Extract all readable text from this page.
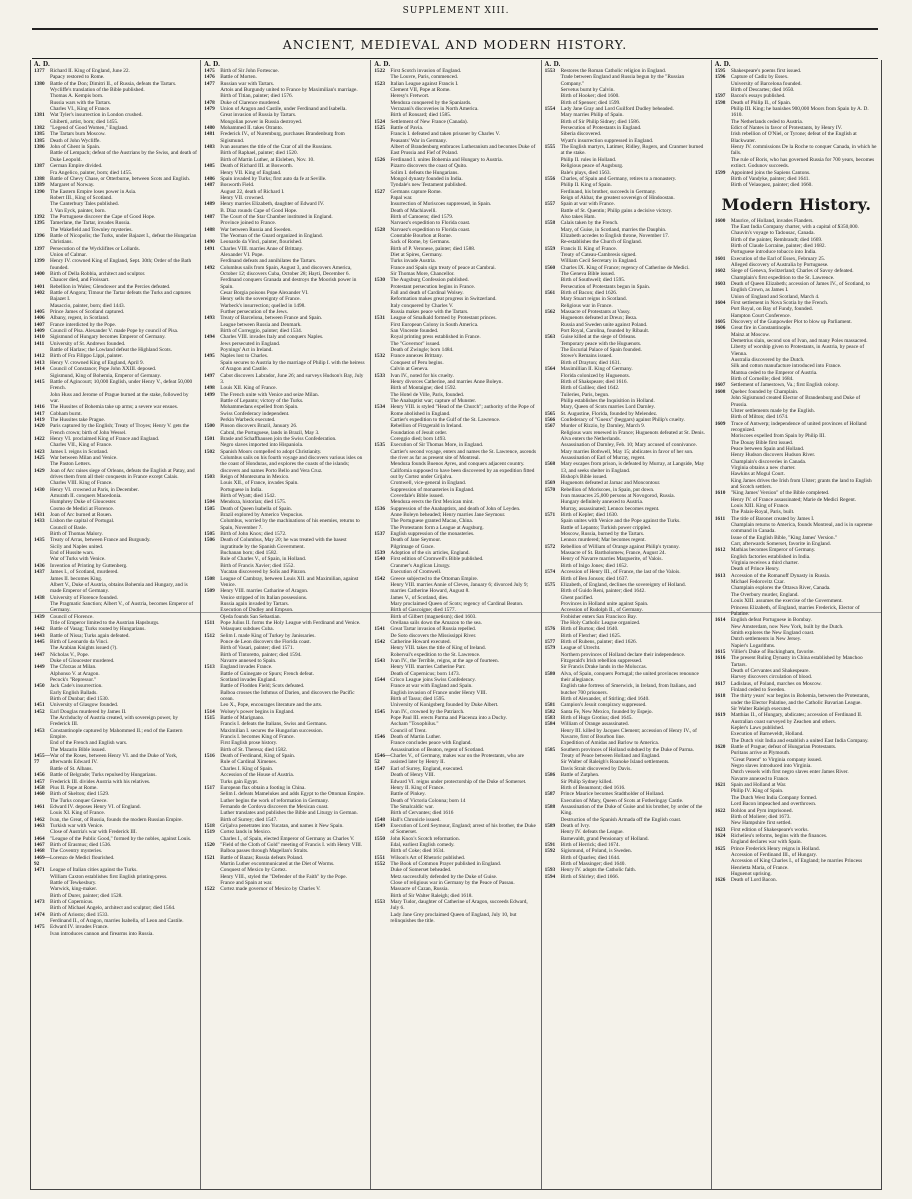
SUPPLEMENT XIII.
ANCIENT, MEDIEVAL AND MODERN HISTORY.
A. D.
1377	Richard II. King of England, June 22.
Papacy restored to Rome.
1380	Battle of the Don; Dimitri II., of Russia, defeats the Tartars.
Wycliffe's translation of the Bible published.
Thomas A. Kempis born.
Russia wars with the Tartars.
Charles VI., King of France.
1381	Wat Tyler's insurrection in London crushed.
Ghiberti, artist, born; died 1455.
1382	"Legend of Good Women," England.
1385	The Tartars burn Moscow.
1385	Death of John Wycliffe.
1386	John of Ghent in Spain.
Battle of Lempach; defeat of the Austrians by the Swiss, and death of Duke Leopold.
1387	German Empire divided.
Fra Angelico, painter, born; died 1455.
1388	Battle of Chevy Chase, or Otterburne, between Scots and English.
1389	Margaret of Norway.
1390	The Eastern Empire loses power in Asia.
Robert III., King of Scotland.
The Canterbury Tales published.
J. Van Eyck, painter, born.
1392	The Portuguese discover the Cape of Good Hope.
1395	Tamerlane, the Tartar, invades Russia.
The Wakefield and Townley mysteries.
1396	Battle of Nicopolis; the Turks, under Bajazet I., defeat the Hungarian Christians.
1397	Persecution of the Wycklifites or Lollards.
Union of Calmar.
1399	Henry IV. crowned King of England, Sept. 30th; Order of the Bath founded.
1400	Birth of Della Robbia, architect and sculptor.
Chaucer died, and Froissart.
1401	Rebellion in Wales; Glendower and the Percies defeated.
1402	Battle of Angora; Timour the Tartar defeats the Turks and captures Bajazet I.
Masaccio, painter, born; died 1443.
1405	Prince James of Scotland captured.
1406	Albany, regent, in Scotland.
1407	France interdicted by the Pope.
1409	Council of Pisa. Alexander V. made Pope by council of Pisa.
1410	Sigismund of Hungary becomes Emperor of Germany.
1411	University of St. Andrews founded.
Battle of Harlaw; the Lowland defeat the Highland Scots.
1412	Birth of Fra Filippo Lippi, painter.
1413	Henry V. crowned King of England, April 9.
1414	Council of Constance; Pope John XXIII. deposed.
Sigismund, King of Bohemia, Emperor of Germany.
1415	Battle of Agincourt; 10,000 English, under Henry V., defeat 50,000 French.
John Huss and Jerome of Prague burned at the stake, followed by war.
1416	The Hussites of Bohemia take up arms; a severe war ensues.
1417	Cobham burnt.
1419	The Hussites take Prague.
1420	Paris captured by the English; Treaty of Troyes; Henry V. gets the French crown; birth of John Wessel.
1422	Henry VI. proclaimed King of France and England.
Charles VII., King of France.
1423	James I. reigns in Scotland.
1425	War between Milan and Venice.
The Paston Letters.
1429	Joan of Arc raises siege of Orleans, defeats the English at Patay, and drives them from all their conquests in France except Calais.
Charles VIII. King of France.
1430	Henry VI. crowned at Paris, in December.
Amurath II. conquers Macedonia.
Humphrey Duke of Gloucester.
Cosmo de Medici at Florence.
1431	Joan of Arc burned at Rouen.
1433	Lisbon the capital of Portugal.
Council of Basle.
Birth of Thomas Malory.
1435	Treaty of Arras, between France and Burgundy.
Sicily and Naples united.
End of Hussite wars.
War of Turks with Venice.
1436	Invention of Printing by Guttenberg.
1437	James I., of Scotland, murdered.
James II. becomes King.
Albert V., Duke of Austria, obtains Bohemia and Hungary, and is made Emperor of Germany.
1438	University of Florence founded.
The Pragmatic Sanction; Albert V., of Austria, becomes Emperor of Germany.
1439	Council of Florence.
Title of Emperor limited to the Austrian Hapsburgs.
1442	Battle of Vasag; Turks routed by Hungarians.
1443	Battle of Nissa; Turks again defeated.
1445	Birth of Leonardo da Vinci.
The Arabian Knights issued (?).
1447	Nicholas V., Pope.
Duke of Gloucester murdered.
1449	The Cforzas at Milan.
Alphonso V. at Aragon.
Pecock's "Repressor."
1450	Jack Cade's insurrection.
Early English Ballads.
Birth of Dunbar; died 1530.
1451	University of Glasgow founded.
1452	Earl Douglas murdered by James II.
The Archduchy of Austria created, with sovereign power, by Frederick III.
1453	Constantinople captured by Mahommed II.; end of the Eastern Empire.
End of the French and English wars.
The Mazarin Bible issued.
1455—77
War of the Roses, between Henry VI. and the Duke of York, afterwards Edward IV.
Battle of St. Albans.
1456	Battle of Belgrade; Turks repulsed by Hungarians.
1457	Frederick III. divides Austria with his relatives.
1458	Pius II. Pope at Rome.
1460	Birth of Skelton; died 1529.
The Turks conquer Greece.
1461	Edward IV. deposes Henry VI. of England.
Louis XI. King of France.
1462	Ivan, the Great, of Russia, founds the modern Russian Empire.
1463	Turkish war with Venice.
Close of Austria's war with Frederick III.
1464	"League of the Public Good," formed by the nobles, against Louis.
1467	Birth of Erasmus; died 1536.
1468	The Coventry mysteries.
1469—92
Lorenzo de Medici flourished.
1471	League of Italian cities against the Turks.
William Caxton establishes first English printing-press.
Battle of Tewkesbury.
Warwick, king-maker.
Birth of Durer, painter; died 1528.
1473	Birth of Copernicus.
Birth of Michael Angelo, architect and sculptor; died 1564.
1474	Birth of Ariosto; died 1533.
Ferdinand II., of Aragon, marries Isabella, of Leon and Castile.
1475	Edward IV. invades France.
Ivan introduces cannon and firearms into Russia.
A. D.
1475	Birth of Sir John Fortescue.
1476	Battle of Morten.
1477	Russian war with Tartars.
Artois and Burgundy united to France by Maximilian's marriage.
Birth of Titian, painter; died 1576.
1478	Duke of Clarence murdered.
1479	Union of Aragon and Castile, under Ferdinand and Isabella.
Great invasion of Russia by Tartars.
Mongolian power in Russia destroyed.
1480	Mohammed II. takes Otranto.
1481	Frederick IV., of Nuremburg, purchases Brandenburg from Sigismund.
1483	Ivan assumes the title of the Czar of all the Russians.
Birth of Raphael, painter; died 1520.
Birth of Martin Luther, at Eisleben, Nov. 10.
1485	Death of Richard III. at Bosworth.
Henry VII. King of England.
1486	Spain invaded by Turks; first auto da fe at Seville.
1487	Bosworth Field.
August 22, death of Richard I.
Henry VII. crowned.
1489	Henry marries Elizabeth, daughter of Edward IV.
B. Diaz rounds Cape of Good Hope.
1487	The Court of the Star Chamber instituted in England.
Province joined to France.
1488	War between Russia and Sweden.
The Yeoman of the Guard organized in England.
1490	Leonardo da Vinci, painter, flourished.
1491	Charles VIII. marries Anne of Brittany.
Alexander VI. Pope.
Ferdinand defeats and annihilates the Tartars.
1492	Columbus sails from Spain, August 3, and discovers America, October 12; discovers Cuba, October 28; Hayti, December 6.
Ferdinand conquers Granada and destroys the Moorish power in Spain.
Cesar Borgia poisons Pope Alexander VI.
Henry sells the sovereignty of France.
Warbeck's insurrection; quelled in 1498.
Further persecution of the Jews.
1493	Treaty of Barcelona, between France and Spain.
League between Russia and Denmark.
Birth of Correggio, painter; died 1534.
1494	Charles VIII. invades Italy and conquers Naples.
Jews persecuted in England.
Poynings' Act in Ireland.
1495	Naples lost to Charles.
Spain secures to Austria by the marriage of Philip I. with the heiress of Aragon and Castile.
1497	Cabot discovers Labrador, June 26; and surveys Hudson's Bay, July 3.
1498	Louis XII. King of France.
1499	The French unite with Venice and seize Milan.
Battle of Lepanto; victory of the Turks.
Mohammedans expelled from Spain.
Swiss Confederacy independent.
Perkin Warbeck executed.
1500	Pinson discovers Brazil, January 26.
Cabral, the Portuguese, lands in Brazil, May 3.
1501	Brasle and Schaffhausen join the Swiss Confederation.
Negro slaves imported into Hispaniola.
1502	Spanish Moors compelled to adopt Christianity.
Columbus sails on his fourth voyage and discovers various isles on the coast of Honduras, and explores the coasts of the islands; discovers and names Porto Bello and Vera Cruz.
1503	Reign of Montezuma in Mexico.
Louis XII., of France, invades Spain.
Portuguese in India.
Birth of Wyatt; died 1542.
1504	Mendoza, historian; died 1575.
1505	Death of Queen Isabella of Spain.
Brazil explored by Americo Vespucius.
Columbus, worried by the machinations of his enemies, returns to Spain, November 7.
1505	Birth of John Knox; died 1572.
1506	Death of Columbus, May 20; he was treated with the basest ingratitude by the Spanish Government.
Buchanan born; died 1582.
Rule of Charles V., of Spain, in Holland.
Birth of Francis Xavier; died 1552.
Yucatan discovered by Solis and Pinzon.
1508	League of Cambray, between Louis XII. and Maximilian, against Venice.
1509	Henry VIII. marries Catharine of Aragon.
Venice stripped of its Italian possessions.
Russia again invaded by Tartars.
Execution of Dudley and Empson.
Ojeda founds San Sebastian.
1511	Pope Julius II. forms the Holy League with Ferdinand and Venice.
Velasquez subdues Cuba.
1512	Selim I. made King of Turkey by Janissaries.
Ponce de Leon discovers the Florida coast.
Birth of Vasari, painter; died 1571.
Birth of Tintoretto, painter; died 1594.
Navarre annexed to Spain.
1513	England invades France.
Battle of Guinegate or Spurs; French defeat.
Scotland invades England.
Battle of Flodden Field; Scots defeated.
Balboa crosses the Isthmus of Darien, and discovers the Pacific ocean.
Leo X., Pope, encourages literature and the arts.
1514	Wolsey's power begins in England.
1515	Battle of Marignano.
Francis I. defeats the Italians, Swiss and Germans.
Maximilian I. secures the Hungarian succession.
Francis I. becomes King of France.
First English prose history.
Birth of St. Theresa; died 1582.
1516	Death of Ferdinand, King of Spain.
Rule of Cardinal Ximenes.
Charles I. King of Spain.
Accession of the House of Austria.
Turks gain Egypt.
1517	European flax obtain a footing in China.
Selim I. defeats Mamelukes and adds Egypt to the Ottoman Empire.
Luther begins the work of reformation in Germany.
Fernando de Cordova discovers the Mexican coast.
Luther translates and publishes the Bible and Liturgy in German.
Birth of Surrey; died 1547.
1518	Grijalva penetrates into Yucatan, and names it New Spain.
1519	Cortez lands in Mexico.
Charles I., of Spain, elected Emperor of Germany as Charles V.
1520	"Field of the Cloth of Gold" meeting of Francis I. with Henry VIII.
Balboa passes through Magellan's Straits.
1521	Battle of Bazas; Russia defeats Poland.
Martin Luther excommunicated at the Diet of Worms.
Conquest of Mexico by Cortez.
Henry VIII., styled the "Defender of the Faith" by the Pope.
France and Spain at war.
1522	Cortez made governor of Mexico by Charles V.
A. D.
1522	First Scotch invasion of England.
The Louvre, Paris, commenced.
1523	Italian League against Francis I.
Clement VII, Pope at Rome.
Heresy's Fretwort.
Mendoza conquered by the Spaniards.
Verrazani's discoveries in North America.
Birth of Ronsard; died 1585.
1524	Settlement of New France (Canada).
1525	Battle of Pavia.
Francis I. defeated and taken prisoner by Charles V.
Peasants' War in Germany.
Albert of Brandenburg embraces Lutheranism and becomes Duke of East Prussia and Fief of Poland.
1526	Ferdinand I. unites Bohemia and Hungary to Austria.
Pizarro discovers the coast of Quito.
Solim I. defeats the Hungarians.
Mongol dynasty founded in India.
Tyndale's new Testament published.
1527	Germans capture Rome.
Papal war.
Insurrection of Moriscoes suppressed, in Spain.
Death of Machiavelli.
Birth of Camoens; died 1579.
Narvaez's expedition to Florida coast.
1528	Narvaez's expedition to Florida coast.
Constable Bourbon at Rome.
Sack of Rome, by Germans.
Birth of P. Veronese, painter; died 1588.
Diet at Spires, Germany.
Turks invade Austria.
France and Spain sign treaty of peace at Cambrai.
Sir Thomas More, Chancellor.
1530	The Augsburg Confession published.
Protestant persecution begins in France.
Fall and death of Cardinal Wolsey.
Reformation makes great progress in Switzerland.
Italy conquered by Charles V.
Russia makes peace with the Tartars.
1531	League of Smalkald formed by Protestant princes.
First European Colony in South America.
San Vincente founded.
Royal printing press established in France.
The "Governor" issued.
Death of Zwingle; born 1484.
1532	France annexes Brittany.
Conquest of Peru begins.
Calvin at Geneva.
1533	Ivan IV., noted for his cruelty.
Henry divorces Catherine, and marries Anne Boleyn.
Birth of Montaigne; died 1592.
The Hotel de Ville, Paris, founded.
The Anabaptist war; capture of Munster.
1534	Henry VIII. is styled "Head of the Church"; authority of the Pope of Rome abolished in England.
Cartier's expedition to the Gulf of the St. Lawrence.
Rebellion of Fitzgerald in Ireland.
Foundation of Jesuit order.
Coreggio died; born 1493.
1535	Execution of Sir Thomas More, in England.
Cartier's second voyage, enters and names the St. Lawrence, ascends the river as far as present site of Montreal.
Mendoza founds Buenos Ayres, and conquers adjacent country.
California supposed to have been discovered by an expedition fitted out by Cortez under Grijalva.
Cromwell, vice-general in England.
Suppression of monasteries in England.
Coverdale's Bible issued.
Mendoza erects the first Mexican mint.
1536	Suppression of the Anabaptists, and death of John of Leyden.
Anne Boleyn beheaded; Henry marries Jane Seymour.
The Portuguese granted Macao, China.
The Protestants form a League at Augsburg.
1537	English suppression of the monasteries.
Death of Jane Seymour.
Pilgrimage of Grace.
1539	Adoption of the six articles, England.
1540	First edition of Cromwell's Bible published.
Cranmer's Anglican Liturgy.
Execution of Cromwell.
1542	Greece subjected to the Ottoman Empire.
Henry VIII. marries Annie of Cleves, January 6; divorced July 9; marries Catherine Howard, August 8.
James V., of Scotland, dies.
Mary proclaimed Queen of Scots; regency of Cardinal Beaton.
Birth of Gascoigne; died 1577.
Birth of Gilbert (magnetism); died 1603.
Orellana sails down the Amazon to the sea.
1541	Great Tartar invasion of Russia repelled.
De Soto discovers the Mississippi River.
1542	Catherine Howard executed.
Henry VIII. takes the title of King of Ireland.
Roberval's expedition to the St. Lawrence.
1543	Ivan IV., the Terrible, reigns, at the age of fourteen.
Henry VIII. marries Catherine Parr.
Death of Copernicus; born 1473.
1544	Crisco League joins Swiss Confederacy.
France at war with England and Spain.
English invasion of France under Henry VIII.
Birth of Tasso; died 1595.
University of Konigsberg founded by Duke Albert.
1545	Ivan IV., crowned by the Patriarch.
Pope Paul III. erects Parma and Piacenza into a Duchy.
Ascham "Toxophilus."
Council of Trent.
1546	Death of Martin Luther.
France concludes peace with England.
Assassination of Beaton, regent of Scotland.
1546—52
Charles V., of Germany, makes war on the Protestants, who are assisted later by Henry II.
1547	Earl of Surrey, England, executed.
Death of Henry VIII.
Edward VI. reigns under protectorship of the Duke of Somerset.
Henry II. King of France.
Battle of Pinkey.
Death of Victoria Colonna; born 14
The Smalcaldic war.
Birth of Cervantes; died 1616
1548	Hall's Chronicle issued.
1549	Execution of Lord Seymour, England; arrest of his brother, the Duke of Somerset.
1550	John Knox's Scotch reformation.
Edal, earliest English comedy.
Birth of Coke; died 1634.
1551	Wilson's Art of Rhetoric published.
1552	The Book of Common Prayer published in England.
Duke of Somerset beheaded.
Metz successfully defended by the Duke of Guise.
Close of religious war in Germany by the Peace of Passau.
Massacre of Cazan, Russia.
Birth of Sir Walter Raleigh; died 1618.
1553	Mary Tudor, daughter of Catherine of Aragon, succeeds Edward, July 6.
Lady Jane Grey proclaimed Queen of England, July 10, but relinquishes the title.
A. D.
1553	Restores the Roman Catholic religion in England.
Trade between England and Russia begun by the "Russian Company."
Servetus burnt by Calvin.
Birth of Hooker; died 1600.
Birth of Spenser; died 1599.
1554	Lady Jane Gray and Lord Guilford Dudley beheaded.
Mary marries Philip of Spain.
Birth of Sir Philip Sidney; died 1586.
Persecution of Protestants in England.
Siberia discovered.
Wyatt's insurrection suppressed in England.
1555	The English martyrs, Latimer, Ridley, Rogers, and Cranmer burned at the stake.
Philip II. rules in Holland.
Religious peace of Augsburg.
Bale's plays, died 1563.
1556	Charles, of Spain and Germany, retires to a monastery.
Philip II. King of Spain.
Ferdinand, his brother, succeeds in Germany.
Reign of Akbar, the greatest sovereign of Hindoostan.
1557	Spain at war with France.
Battle of St. Quentin; Philip gains a decisive victory.
Also takes Ham.
1558	Calais taken by the French.
Mary, of Guise, in Scotland, marries the Dauphin.
Elizabeth accedes to English throne, November 17.
Re-establishes the Church of England.
1559	Francis II. King of France.
Treaty of Cateau-Cambresis signed.
William Cecil Secretary in England.
1560	Charles IX. King of France; regency of Catherine de Medici.
The Geneva Bible issued.
Birth of Southwell; died 1595.
Persecution of Protestants begun in Spain.
1561	Birth of Bacon; died 1626.
Mary Stuart reigns in Scotland.
Religious war in France.
1562	Massacre of Protestants at Vassy.
Huguenots defeated at Dreux; Beza.
Russia and Sweden unite against Poland.
Port Royal, Carolina, founded by Ribault.
1563	Guise killed at the siege of Orleans.
Temporary peace with the Huguenots.
The Escurial Palace of Spain founded.
Stowe's Remains issued.
Birth of Drayton; died 1631.
1564	Maximillian II. King of Germany.
Florida colonized by Huguenots.
Birth of Shakspeare; died 1616.
Birth of Galileo; died 1642.
Tuileries, Paris, begun.
Philip establishes the Inquisition in Holland.
Mary, Queen of Scots marries Lord Darnley.
1565	St. Augustine, Florida, founded by Melendez.
1566	Confederacy of "Gueux" (beggars) against Philip's cruelty.
1567	Murder of Rizzio, by Darnley, March 9.
Religious wars renewed in France; Huguenots defeated at St. Denis.
Alva enters the Netherlands.
Assassination of Darnley, Feb. 10; Mary accused of connivance.
Mary marries Bothwell, May 15; abdicates in favor of her son.
Assassination of Earl of Murray, regent.
1568	Mary escapes from prison, is defeated by Murray, at Langside, May 13, and seeks shelter in England.
Bishop's Bible issued.
1569	Huguenots defeated at Jarnac and Moncontour.
1570	Rebellion of Moriscoes, in Spain, put down.
Ivan massacres 25,000 persons at Novogorod, Russia.
Hungary definitely annexed to Austria.
Murray, assassinated; Lennox becomes regent.
1571	Birth of Kepler; died 1630.
Spain unites with Venice and the Pope against the Turks.
Battle of Lepanto; Turkish power crippled.
Moscow, Russia, burned by the Tartars.
Lennox murdered; Mar becomes regent.
1572	Rebellion of William of Orange against Philip's tyranny.
Massacre of St. Bartholomew, France, August 24.
Henry of Navarre marries Marguerite, of Valois.
Birth of Inigo Jones; died 1652.
1574	Accession of Henry III., of France, the last of the Valois.
Birth of Ben Jonson; died 1637.
1575	Elizabeth, of England, declines the sovereignty of Holland.
Birth of Guido Reni, painter; died 1642.
Ghent pacified.
Provinces in Holland unite against Spain.
Accession of Rudolph II., of Germany.
Frobisher enters San Francisco Bay.
The Holy Catholic League organized.
1576	Birth of Burton; died 1640.
Birth of Fletcher; died 1625.
1577	Birth of Rubens, painter; died 1626.
1579	League of Utrecht.
Northern provinces of Holland declare their independence.
Fitzgerald's Irish rebellion suppressed.
Sir Francis Drake lands in the Moluccas.
1580	Alva, of Spain, conquers Portugal; the united provinces renounce their allegiance.
English take fortress of Smerwick, in Ireland, from Italians, and butcher 700 prisoners.
Birth of Alexander, of Stirling; died 1640.
1581	Campion's Jesuit conspiracy suppressed.
1582	Santa Fe, New Mexico, founded by Espejo.
1583	Birth of Hugo Grotius; died 1645.
1584	William of Orange assassinated.
Henry III. killed by Jacques Clement; accession of Henry IV., of Navarre, first of Bourbon line.
Expedition of Amidas and Barlow to America.
1585	Southern provinces of Holland subdued by the Duke of Parma.
Treaty of Peace between Holland and England.
Sir Walter of Raleigh's Roanoke Island settlements.
Davis Strait discovered by Davis.
1586	Battle of Zutphen.
Sir Philip Sydney killed.
Birth of Beaumont; died 1616.
1587	Prince Maurice becomes Stadtholder of Holland.
Execution of Mary, Queen of Scots at Fotheringay Castle.
1588	Assassination of the Duke of Guise and his brother, by order of the King.
Destruction of the Spanish Armada off the English coast.
1589	Death of Ivry.
Henry IV. defeats the League.
Barnevaldt, grand Pensionary of Holland.
1591	Birth of Herrick; died 1674.
1592	Sigismund, of Poland, is Sweden.
Birth of Quarles; died 1644.
Birth of Massinger; died 1640.
1593	Henry IV. adopts the Catholic faith.
1594	Birth of Shirley; died 1666.
A. D.
1595	Shakespeare's poems first issued.
1596	Capture of Cadiz by Essex.
University of Barcelona founded.
Birth of Descartes; died 1650.
1597	Bacon's essays published.
1598	Death of Philip II., of Spain.
Philip III. King; he banishes 900,000 Moors from Spain by A. D. 1610.
The Netherlands ceded to Austria.
Edict of Nantes in favor of Protestants, by Henry IV.
Irish rebellion of O'Niel, or Tyrone; defeat of the English at Blackwater.
Henry IV. commissions De la Roche to conquer Canada, in which he fails.
The rule of Boris, who has governed Russia for 700 years, becomes extinct. Godunov succeeds.
1599	Appointed joins the Sapiens Cantons.
Birth of Vandyke, painter; died 1641.
Birth of Velasquez, painter; died 1660.
Modern History.
1600	Maurice, of Holland, invades Flanders.
The East India Company charter, with a capital of $350,000.
Chauvin's voyage to Tadousac, Canada.
Birth of the painter, Rembrandt; died 1669.
Birth of Claude Lorraine, painter; died 1682.
Portuguese introduce tobacco into India.
1601	Execution of the Earl of Essex, February 25.
Alleged discovery of Australia by Portuguese.
1602	Siege of Geneva, Switzerland; Charles of Savoy defeated.
Champlain's first expedition to the St. Lawrence.
1603	Death of Queen Elizabeth; accession of James IV., of Scotland, to English Crown, as James I.
Union of England and Scotland, March 4.
1604	First settlement in Nova Scotia by the French.
Port Royal, on Bay of Fundy, founded.
Hampton Court Conference.
1605	Discovery of the Gunpowder Plot to blow up Parliament.
1606	Great fire in Constantinople.
Mainz at Moscow.
Demetrius slain, second son of Ivan, and many Poles massacred.
Liberty of worship given to Protestants, in Austria, by peace of Vienna.
Australia discovered by the Dutch.
Silk and cotton manufacture introduced into France.
Mantua ceded to the Emperor of Austria.
Birth of Corneille; died 1684.
1607	Settlement of Jamestown, Va.; first English colony.
1608	Quebec founded by Champlain.
John Sigismund created Elector of Brandenburg and Duke of Prussia.
Ulster settlements made by the English.
Birth of Milton; died 1674.
1609	Truce of Antwerp; independence of united provinces of Holland recognized.
Moriscoes expelled from Spain by Philip III.
The Douay Bible first issued.
Peace between Spain and Holland.
Henry Hudson discovers Hudson River.
Champlain's discoveries in Canada.
Virginia obtains a new charter.
Hawkins at Mogul Court.
King James drives the Irish from Ulster; grants the land to English and Scotch settlers.
1610	"King James' Version" of the Bible completed.
Henry IV. of France assassinated; Marie de Medici Regent.
Louis XIII. King of France.
The Palais-Royal, Paris, built.
1611	The title of Baronet created by James I.
Champlain returns to America, founds Montreal, and is in supreme command in Canada.
Issue of the English Bible, "King James' Version."
Carr, afterwards Somerset, favorite in England.
1612	Mathias becomes Emperor of Germany.
English factories established in India.
Virginia receives a third charter.
Death of Prince Henry.
1613	Accession of the Romanoff Dynasty in Russia.
Michael Fedorovitz Czar.
Champlain explores the Ottawa River, Canada.
The Overbury murder, England.
Louis XIII. assumes the exercise of the Government.
Princess Elizabeth, of England, marries Frederick, Elector of Palatine.
1614	English defeat Portuguese in Bombay.
New Amsterdam, now New York, built by the Dutch.
Smith explores the New England coast.
Dutch settlements in New Jersey.
Napier's Logarithms.
1615	Villier's Duke of Buckingham, favorite.
1616	The present Ruling Dynasty in China established by Manchoo Tartars.
Death of Cervantes and Shakespeare.
Harvey discovers circulation of blood.
1617	Ladislaus, of Poland, marches on Moscow.
Finland ceded to Sweden.
1618	The thirty years' war begins in Bohemia, between the Protestants, under the Elector Palatine, and the Catholic Bavarian League.
Sir Walter Raleigh executed.
1619	Matthias II., of Hungary, abdicates; accession of Ferdinand II.
Australian coast surveyed by Zeachen and others.
Kepler's Laws published.
Execution of Barneveldt, Holland.
The Dutch visit India and establish a united East India Company.
1620	Battle of Prague; defeat of Hungarian Protestants.
Puritans arrive at Plymouth.
"Great Patent" to Virginia company issued.
Negro slaves introduced into Virginia.
Dutch vessels with first negro slaves enter James River.
Navarre annexed to France.
1621	Spain and Holland at War.
Philip IV. King of Spain.
The Dutch West India Company formed.
Lord Bacon impeached and overthrown.
1622	Bohlon and Pym imprisoned.
Birth of Moliere; died 1673.
New Hampshire first settled.
1623	First edition of Shakespeare's works.
1624	Richelieu's reforms, begins with the finances.
England declares war with Spain.
1625	Prince Frederick Henry reigns in Holland.
Accession of Ferdinand III., of Hungary.
Accession of King Charles I., of England; he marries Princess Henrietta Maria, of France.
Huguenot uprising.
1626	Death of Lord Bacon.
